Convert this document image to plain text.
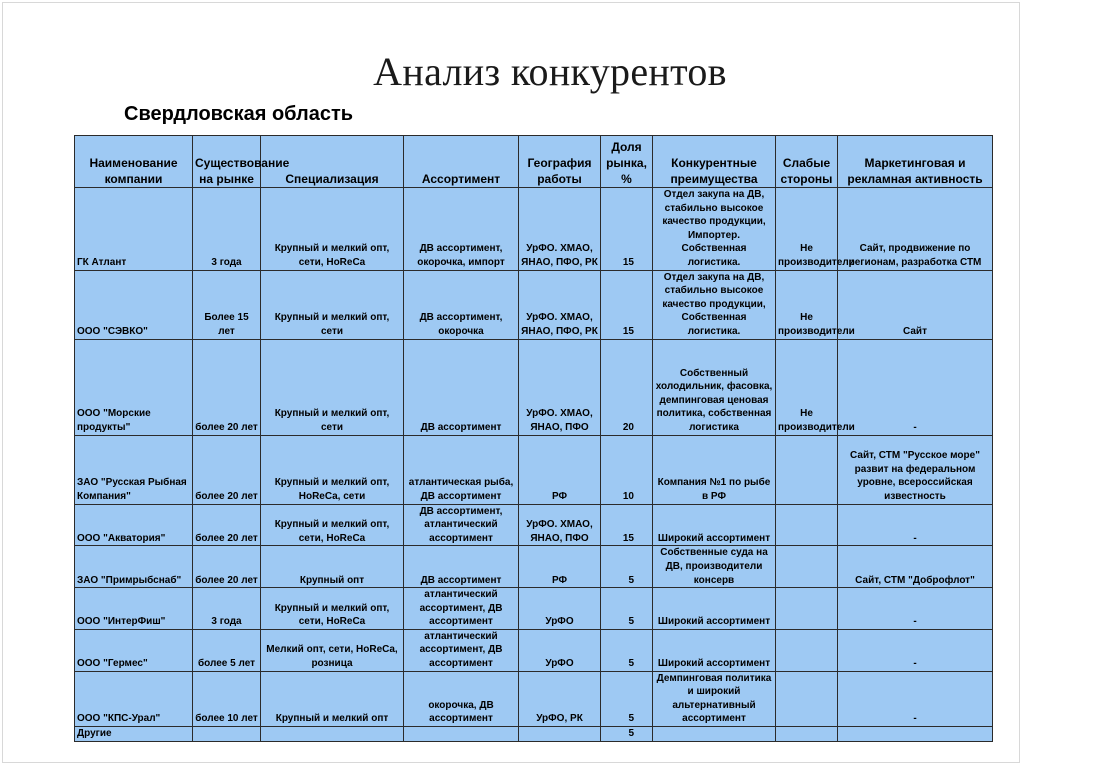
Анализ конкурентов
Свердловская область
Наименование компании	Существование на рынке	Специализация	Ассортимент	География работы	Доля рынка, %	Конкурентные преимущества	Слабые стороны	Маркетинговая и рекламная активность
ГК Атлант	3 года	Крупный и мелкий опт, сети, HoReCa	ДВ ассортимент, окорочка, импорт	УрФО. ХМАО, ЯНАО, ПФО, РК	15	Отдел закупа на ДВ, стабильно высокое качество продукции, Импортер. Собственная логистика.	Не производители	Сайт, продвижение по регионам, разработка СТМ
ООО "СЭВКО"	Более 15 лет	Крупный и мелкий опт, сети	ДВ ассортимент, окорочка	УрФО. ХМАО, ЯНАО, ПФО, РК	15	Отдел закупа на ДВ, стабильно высокое качество продукции, Собственная логистика.	Не производители	Сайт
ООО "Морские продукты"	более 20 лет	Крупный и мелкий опт, сети	ДВ ассортимент	УрФО. ХМАО, ЯНАО, ПФО	20	Собственный холодильник, фасовка, демпинговая ценовая политика, собственная логистика	Не производители	-
ЗАО "Русская Рыбная Компания"	более 20 лет	Крупный и мелкий опт, HoReCa, сети	атлантическая рыба, ДВ ассортимент	РФ	10	Компания №1 по рыбе в РФ		Сайт, СТМ "Русское море" развит на федеральном уровне, всероссийская известность
ООО "Акватория"	более 20 лет	Крупный и мелкий опт, сети, HoReCa	ДВ ассортимент, атлантический ассортимент	УрФО. ХМАО, ЯНАО, ПФО	15	Широкий ассортимент		-
ЗАО "Примрыбснаб"	более 20 лет	Крупный опт	ДВ ассортимент	РФ	5	Собственные суда на ДВ, производители консерв		Сайт, СТМ "Доброфлот"
ООО "ИнтерФиш"	3 года	Крупный и мелкий опт, сети, HoReCa	атлантический ассортимент, ДВ ассортимент	УрФО	5	Широкий ассортимент		-
ООО "Гермес"	более 5 лет	Мелкий опт, сети, HoReCa, розница	атлантический ассортимент, ДВ ассортимент	УрФО	5	Широкий ассортимент		-
ООО "КПС-Урал"	более 10 лет	Крупный и мелкий опт	окорочка, ДВ ассортимент	УрФО, РК	5	Демпинговая политика и широкий альтернативный ассортимент		-
Другие					5			
